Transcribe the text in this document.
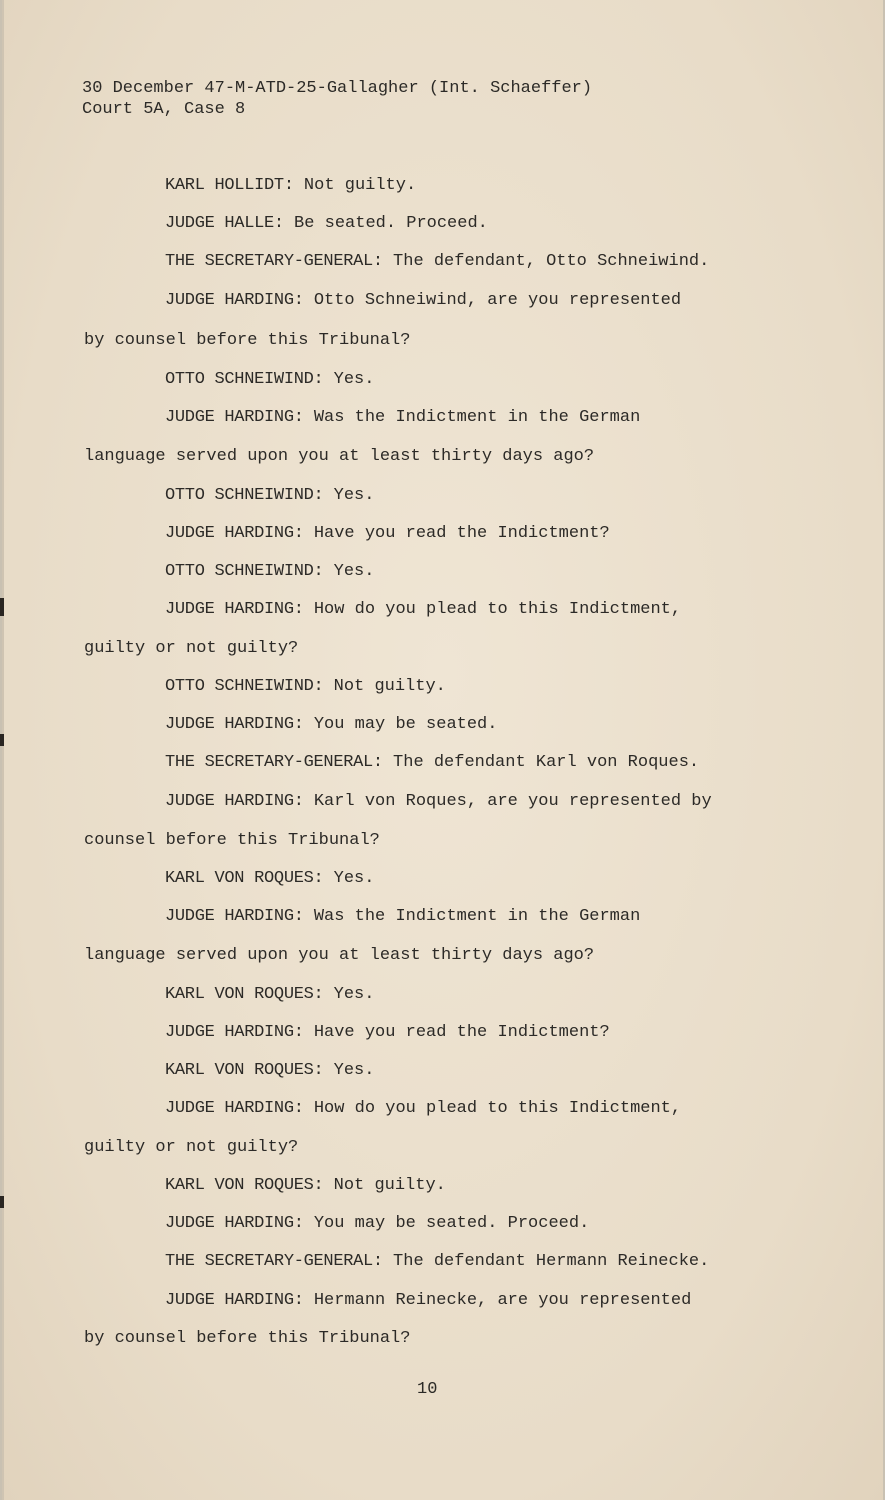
30 December 47-M-ATD-25-Gallagher (Int. Schaeffer)

Court 5A, Case 8

KARL HOLLIDT: Not guilty.

JUDGE HALLE: Be seated. Proceed.

THE SECRETARY-GENERAL: The defendant, Otto Schneiwind.

JUDGE HARDING: Otto Schneiwind, are you represented

by counsel before this Tribunal?

OTTO SCHNEIWIND: Yes.

JUDGE HARDING: Was the Indictment in the German

language served upon you at least thirty days ago?

OTTO SCHNEIWIND: Yes.

JUDGE HARDING: Have you read the Indictment?

OTTO SCHNEIWIND: Yes.

JUDGE HARDING: How do you plead to this Indictment,

guilty or not guilty?

OTTO SCHNEIWIND: Not guilty.

JUDGE HARDING: You may be seated.

THE SECRETARY-GENERAL: The defendant Karl von Roques.

JUDGE HARDING: Karl von Roques, are you represented by

counsel before this Tribunal?

KARL VON ROQUES: Yes.

JUDGE HARDING: Was the Indictment in the German

language served upon you at least thirty days ago?

KARL VON ROQUES: Yes.

JUDGE HARDING: Have you read the Indictment?

KARL VON ROQUES: Yes.

JUDGE HARDING: How do you plead to this Indictment,

guilty or not guilty?

KARL VON ROQUES: Not guilty.

JUDGE HARDING: You may be seated. Proceed.

THE SECRETARY-GENERAL: The defendant Hermann Reinecke.

JUDGE HARDING: Hermann Reinecke, are you represented

by counsel before this Tribunal?

10
